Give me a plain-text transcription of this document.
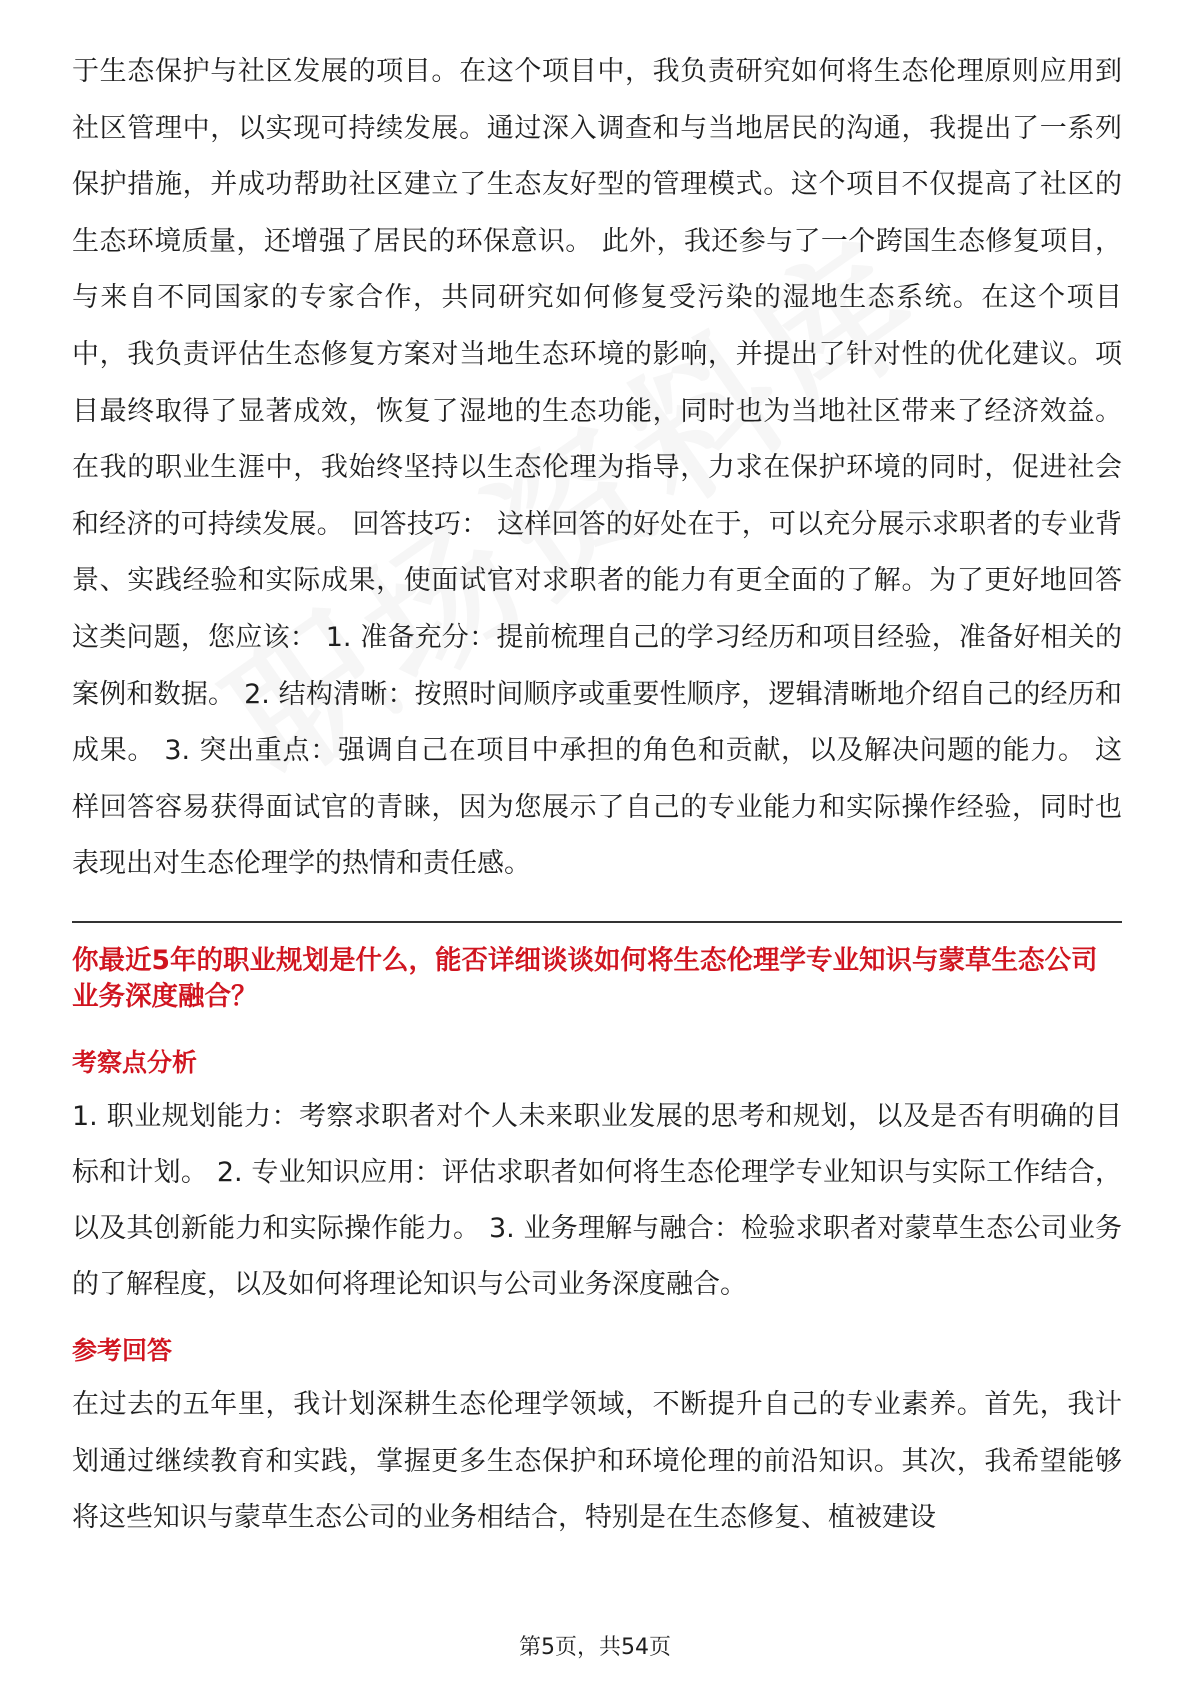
于生态保护与社区发展的项目。在这个项目中，我负责研究如何将生态伦理原则应用到社区管理中，以实现可持续发展。通过深入调查和与当地居民的沟通，我提出了一系列保护措施，并成功帮助社区建立了生态友好型的管理模式。这个项目不仅提高了社区的生态环境质量，还增强了居民的环保意识。 此外，我还参与了一个跨国生态修复项目，与来自不同国家的专家合作，共同研究如何修复受污染的湿地生态系统。在这个项目中，我负责评估生态修复方案对当地生态环境的影响，并提出了针对性的优化建议。项目最终取得了显著成效，恢复了湿地的生态功能，同时也为当地社区带来了经济效益。 在我的职业生涯中，我始终坚持以生态伦理为指导，力求在保护环境的同时，促进社会和经济的可持续发展。 回答技巧： 这样回答的好处在于，可以充分展示求职者的专业背景、实践经验和实际成果，使面试官对求职者的能力有更全面的了解。为了更好地回答这类问题，您应该： 1. 准备充分：提前梳理自己的学习经历和项目经验，准备好相关的案例和数据。 2. 结构清晰：按照时间顺序或重要性顺序，逻辑清晰地介绍自己的经历和成果。 3. 突出重点：强调自己在项目中承担的角色和贡献，以及解决问题的能力。 这样回答容易获得面试官的青睐，因为您展示了自己的专业能力和实际操作经验，同时也表现出对生态伦理学的热情和责任感。

你最近5年的职业规划是什么，能否详细谈谈如何将生态伦理学专业知识与蒙草生态公司业务深度融合？

考察点分析

1. 职业规划能力：考察求职者对个人未来职业发展的思考和规划，以及是否有明确的目标和计划。 2. 专业知识应用：评估求职者如何将生态伦理学专业知识与实际工作结合，以及其创新能力和实际操作能力。 3. 业务理解与融合：检验求职者对蒙草生态公司业务的了解程度，以及如何将理论知识与公司业务深度融合。

参考回答

在过去的五年里，我计划深耕生态伦理学领域，不断提升自己的专业素养。首先，我计划通过继续教育和实践，掌握更多生态保护和环境伦理的前沿知识。其次，我希望能够将这些知识与蒙草生态公司的业务相结合，特别是在生态修复、植被建设

第5页，共54页
